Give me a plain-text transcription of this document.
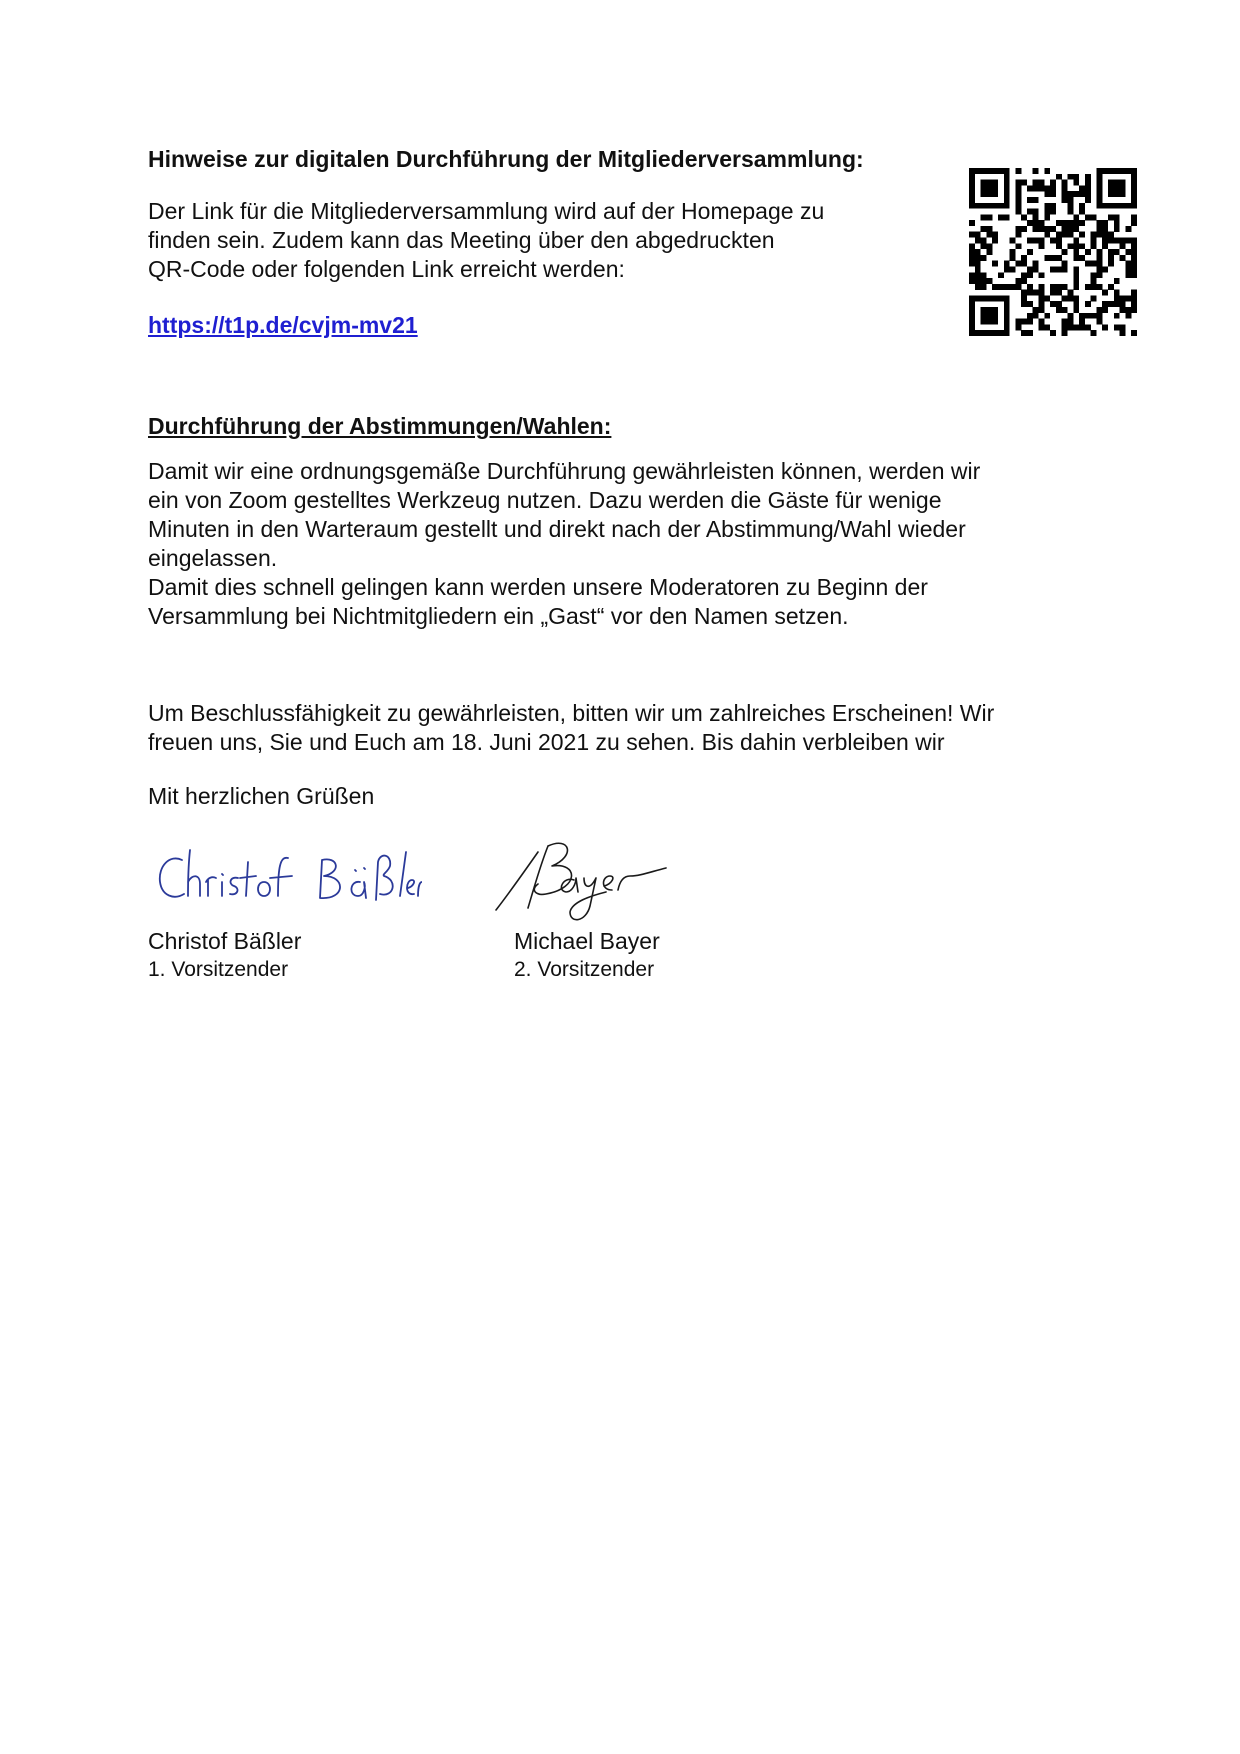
Hinweise zur digitalen Durchführung der Mitgliederversammlung:

Der Link für die Mitgliederversammlung wird auf der Homepage zu
finden sein. Zudem kann das Meeting über den abgedruckten
QR-Code oder folgenden Link erreicht werden:

https://t1p.de/cvjm-mv21
Durchführung der Abstimmungen/Wahlen:

Damit wir eine ordnungsgemäße Durchführung gewährleisten können, werden wir
ein von Zoom gestelltes Werkzeug nutzen. Dazu werden die Gäste für wenige
Minuten in den Warteraum gestellt und direkt nach der Abstimmung/Wahl wieder
eingelassen.
Damit dies schnell gelingen kann werden unsere Moderatoren zu Beginn der
Versammlung bei Nichtmitgliedern ein „Gast“ vor den Namen setzen.

Um Beschlussfähigkeit zu gewährleisten, bitten wir um zahlreiches Erscheinen! Wir
freuen uns, Sie und Euch am 18. Juni 2021 zu sehen. Bis dahin verbleiben wir

Mit herzlichen Grüßen

Christof Bäßler

1. Vorsitzender

Michael Bayer

2. Vorsitzender
